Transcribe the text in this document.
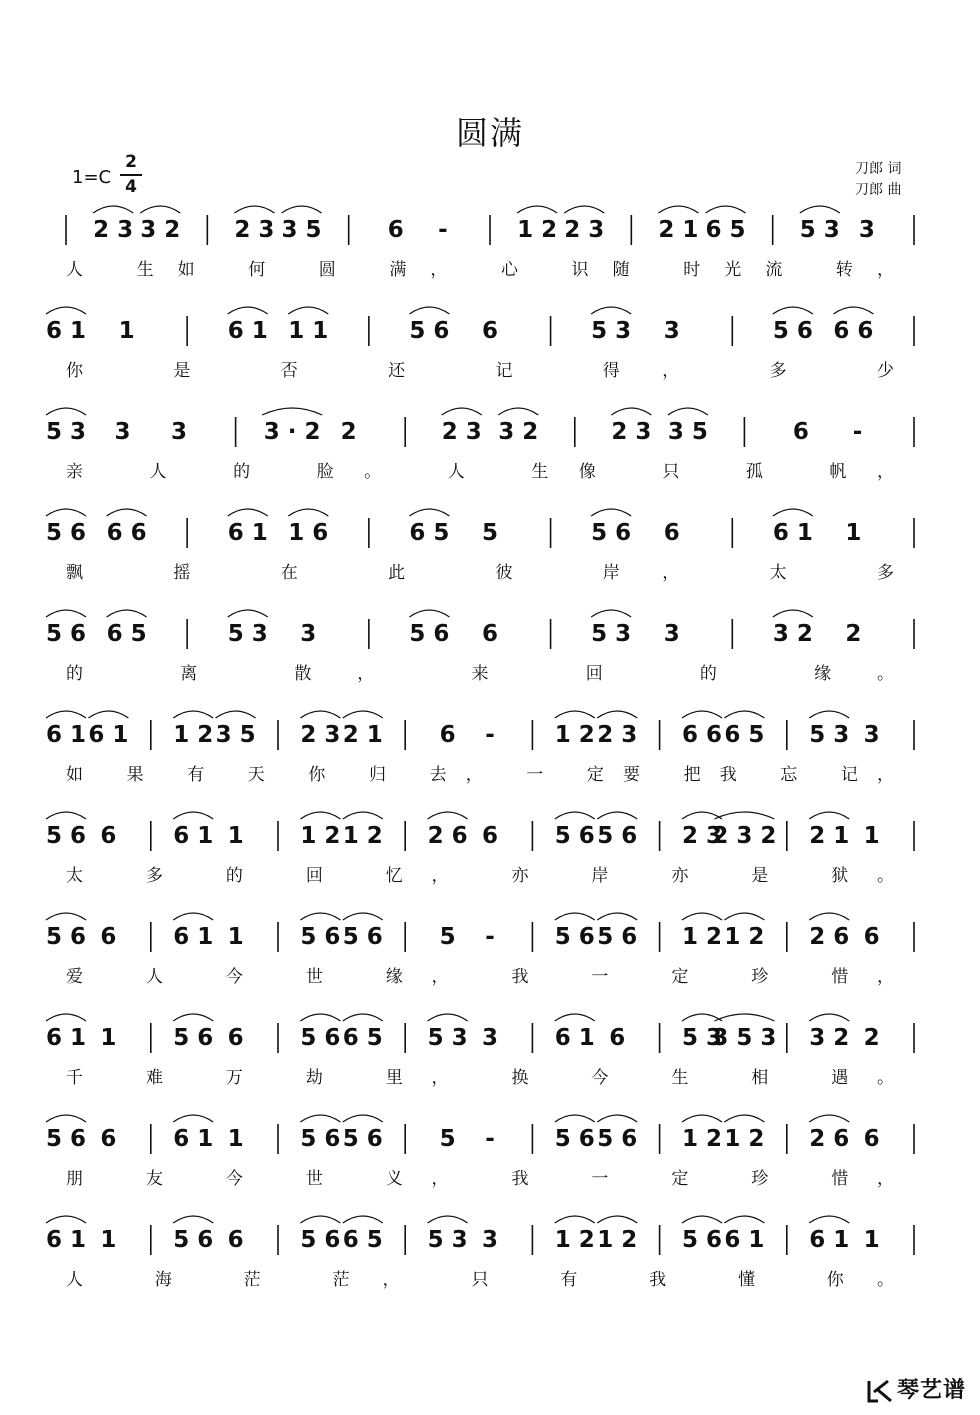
圆满
1=C
2
4
刀郎 词
刀郎 曲
2 3 3 2 2 3 3 5	6 -	1 2 2 3 2 1 6 5 5 3 3
人 生如 何 圆 满， 心 识随 时光流 转，
6 1 1	6 1 1 1	5 6 6	5 3 3	5 6 6 6
你 是 否 还 记 得， 多 少
5 3 3 3	3 · 2 2	2 3 3 2	2 3 3 5	6 -
亲 人 的 脸。 人 生像 只 孤 帆，
5 6 6 6	6 1 1 6	6 5 5	5 6 6	6 1 1
飘 摇 在 此 彼 岸， 太 多
5 6 6 5	5 3 3	5 6 6	5 3 3	3 2 2
的 离 散， 来 回 的 缘。
6 1 6 1 1 2 3 5 2 3 2 1 6 -	1 2 2 3 6 6 6 5 5 3 3
如 果 有 天 你 归 去， 一 定要 把我 忘 记，
5 6 6 6 1 1 1 2 1 2 2 6 6 5 6 5 6 2 3
2 3 2 2 1 1
太 多 的 回 忆， 亦 岸 亦 是 狱。
5 6 6 6 1 1 5 6 5 6 5 -	5 6 5 6 1 2 1 2 2 6 6
爱 人 今 世 缘， 我 一 定 珍 惜，
6 1 1 5 6 6 5 6 6 5 5 3 3 6 1 6 5 3
3 5 3 3 2 2
千 难 万 劫 里， 换 今 生 相 遇。
5 6 6 6 1 1 5 6 5 6 5 -	5 6 5 6 1 2 1 2 2 6 6
朋 友 今 世 义， 我 一 定 珍 惜，
6 1 1 5 6 6 5 6 6 5 5 3 3 1 2 1 2 5 6 6 1 6 1 1
人 海 茫 茫， 只 有 我 懂 你。
琴艺谱
